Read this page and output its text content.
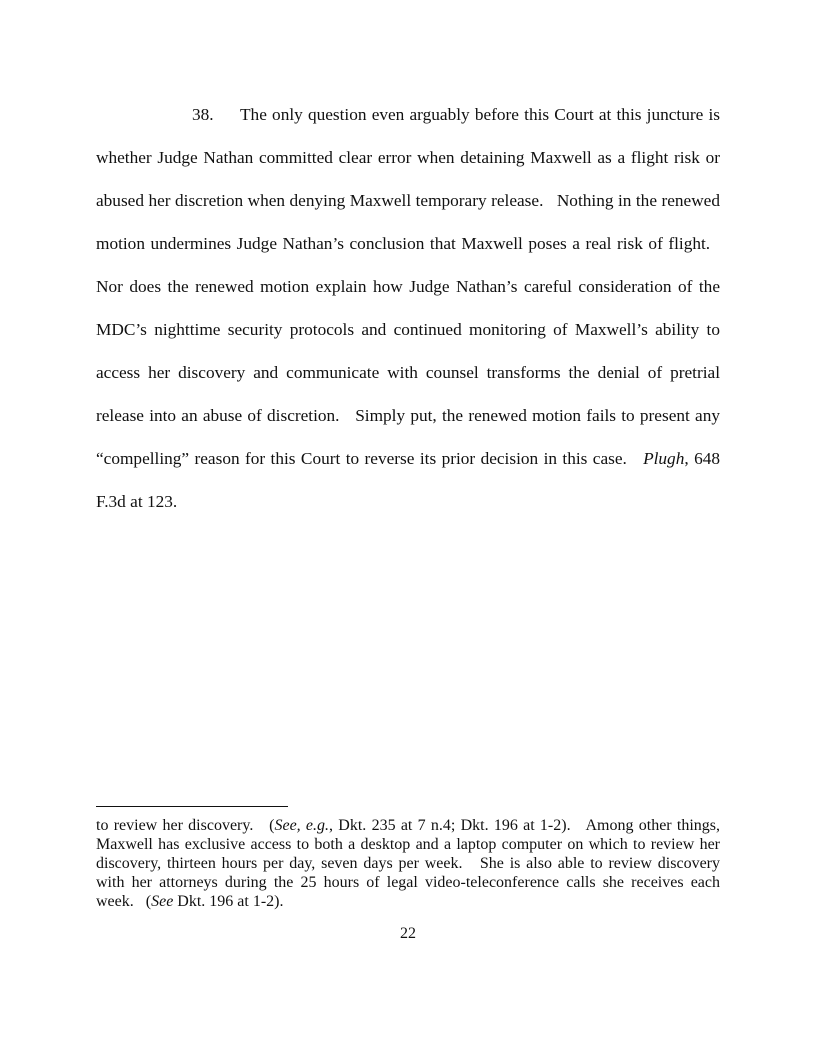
38. The only question even arguably before this Court at this juncture is whether Judge Nathan committed clear error when detaining Maxwell as a flight risk or abused her discretion when denying Maxwell temporary release. Nothing in the renewed motion undermines Judge Nathan’s conclusion that Maxwell poses a real risk of flight.   Nor does the renewed motion explain how Judge Nathan’s careful consideration of the MDC’s nighttime security protocols and continued monitoring of Maxwell’s ability to access her discovery and communicate with counsel transforms the denial of pretrial release into an abuse of discretion. Simply put, the renewed motion fails to present any “compelling” reason for this Court to reverse its prior decision in this case. Plugh, 648 F.3d at 123.

to review her discovery. (See, e.g., Dkt. 235 at 7 n.4; Dkt. 196 at 1-2). Among other things, Maxwell has exclusive access to both a desktop and a laptop computer on which to review her discovery, thirteen hours per day, seven days per week. She is also able to review discovery with her attorneys during the 25 hours of legal video-teleconference calls she receives each week. (See Dkt. 196 at 1-2).

22
